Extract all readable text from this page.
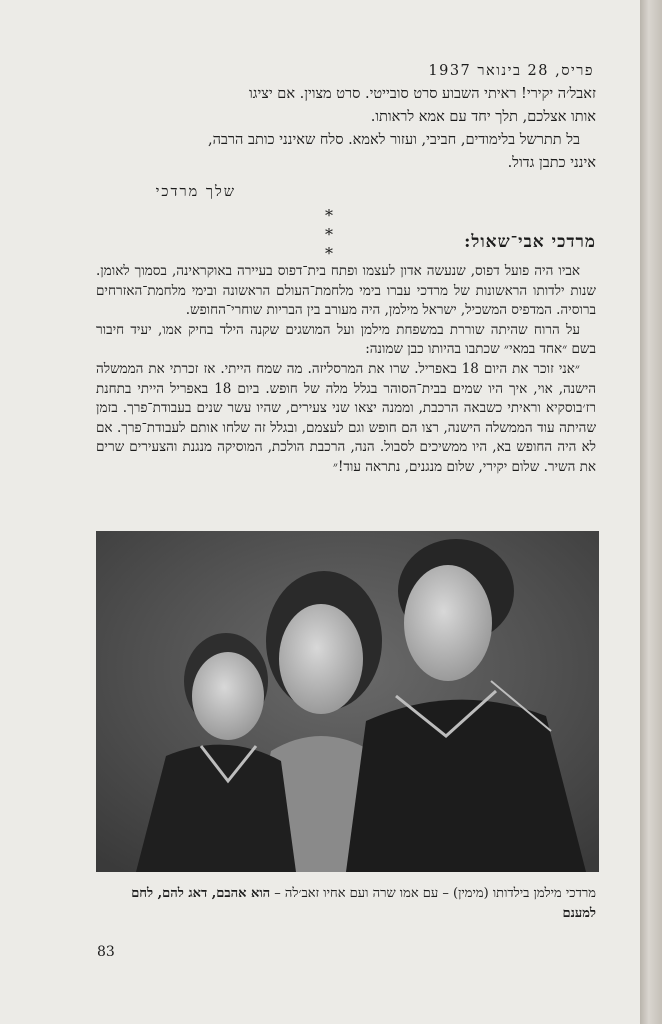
פריס, 28 בינואר 1937
זאבל׳ה יקירי! ראיתי השבוע סרט סובייטי. סרט מצוין. אם יציגו
אותו אצלכם, תלך יחד עם אמא לראותו.
בל תתרשל בלימודים, חביבי, ועזור לאמא. סלח שאינני כותב הרבה,
אינני כתבן גדול.
שלך מרדכי
* * *
מרדכי אבי־שאול:

אביו היה פועל דפוס, שנעשה אדון לעצמו ופתח בית־דפוס בעיירה באוקראינה, בסמוך לאומן. שנות ילדותו הראשונות של מרדכי עברו בימי מלחמת־העולם הראשונה ובימי מלחמת־האזרחים ברוסיה. המדפיס המשכיל, ישראל מילמן, היה מעורב בין הבריות שוחרי־החופש.

על הרוח שהיתה שוררת במשפחת מילמן ועל המושגים שקנה הילד בחיק אמו, יעיד חיבור בשם ״אחד במאי״ שכתבו בהיותו כבן שמונה:

״אני זוכר את היום 18 באפריל. שרו את המרסליזה. מה שמח הייתי. אז זכרתי את הממשלה הישנה, אוי, איך היו שמים בבית־הסוהר בגלל מלה של חופש. ביום 18 באפריל הייתי בתחנת רז׳בוסקיא וראיתי כשבאה הרכבת, וממנה יצאו שני צעירים, שהיו עשר שנים בעבודת־פרך. בזמן שהיתה עוד הממשלה הישנה, רצו הם חופש וגם לעצמם, ובגלל זה שלחו אותם לעבודת־פרך. אם לא היה החופש בא, היו ממשיכים לסבול. הנה, הרכבת הולכת, המוסיקה מנגנת והצעירים שרים את השיר. שלום יקירי, שלום מנגנים, נתראה עוד!״

מרדכי מילמן בילדותו (מימין) – עם אמו שרה ועם אחיו זאב׳לה – הוא אהבם, דאג להם, לחם למענם
83
